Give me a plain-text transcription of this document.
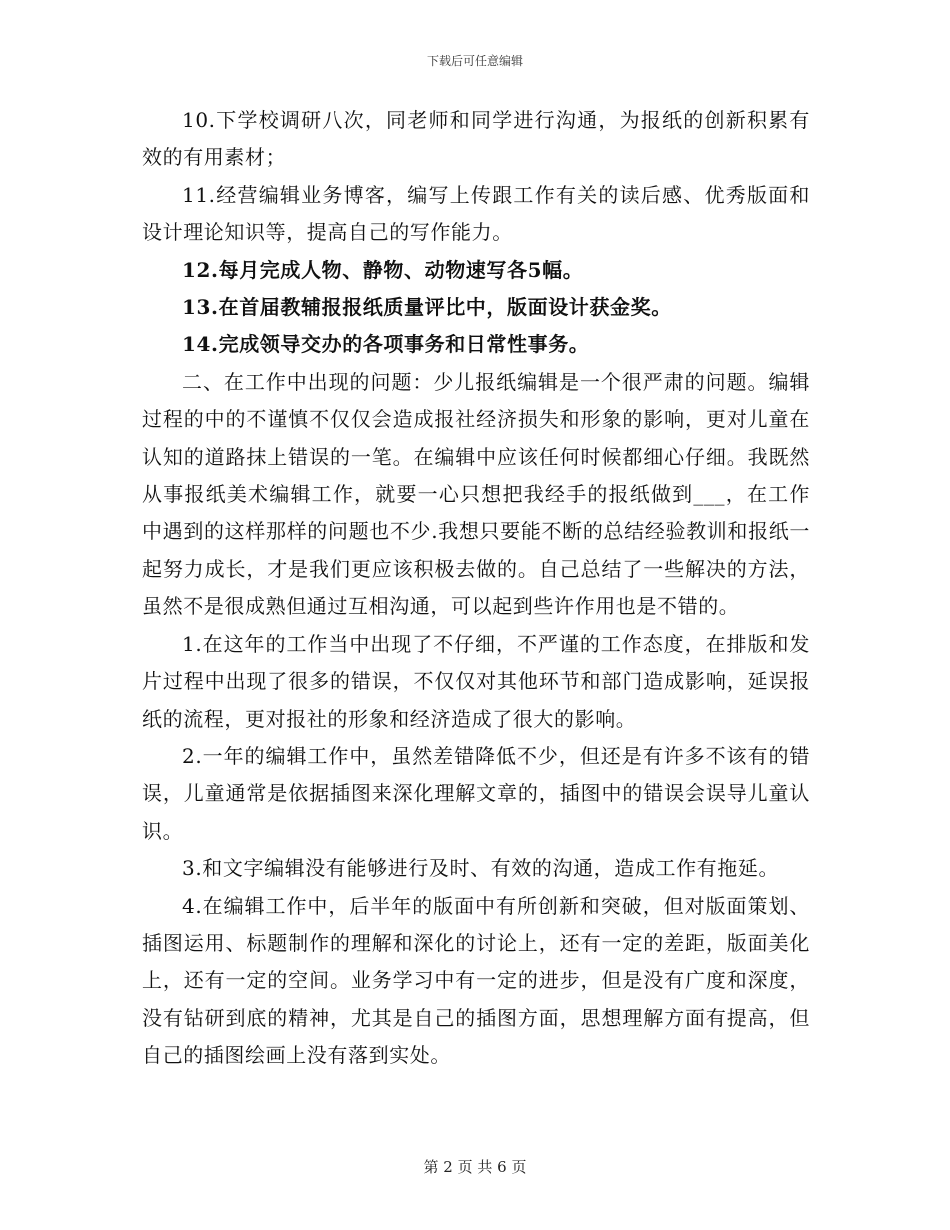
下载后可任意编辑

10.下学校调研八次，同老师和同学进行沟通，为报纸的创新积累有效的有用素材；

11.经营编辑业务博客，编写上传跟工作有关的读后感、优秀版面和设计理论知识等，提高自己的写作能力。

12.每月完成人物、静物、动物速写各5幅。

13.在首届教辅报报纸质量评比中，版面设计获金奖。

14.完成领导交办的各项事务和日常性事务。

二、在工作中出现的问题：少儿报纸编辑是一个很严肃的问题。编辑过程的中的不谨慎不仅仅会造成报社经济损失和形象的影响，更对儿童在认知的道路抹上错误的一笔。在编辑中应该任何时候都细心仔细。我既然从事报纸美术编辑工作，就要一心只想把我经手的报纸做到___，在工作中遇到的这样那样的问题也不少.我想只要能不断的总结经验教训和报纸一起努力成长，才是我们更应该积极去做的。自己总结了一些解决的方法，虽然不是很成熟但通过互相沟通，可以起到些许作用也是不错的。

1.在这年的工作当中出现了不仔细，不严谨的工作态度，在排版和发片过程中出现了很多的错误，不仅仅对其他环节和部门造成影响，延误报纸的流程，更对报社的形象和经济造成了很大的影响。

2.一年的编辑工作中，虽然差错降低不少，但还是有许多不该有的错误，儿童通常是依据插图来深化理解文章的，插图中的错误会误导儿童认识。

3.和文字编辑没有能够进行及时、有效的沟通，造成工作有拖延。

4.在编辑工作中，后半年的版面中有所创新和突破，但对版面策划、插图运用、标题制作的理解和深化的讨论上，还有一定的差距，版面美化上，还有一定的空间。业务学习中有一定的进步，但是没有广度和深度，没有钻研到底的精神，尤其是自己的插图方面，思想理解方面有提高，但自己的插图绘画上没有落到实处。

第 2 页 共 6 页
